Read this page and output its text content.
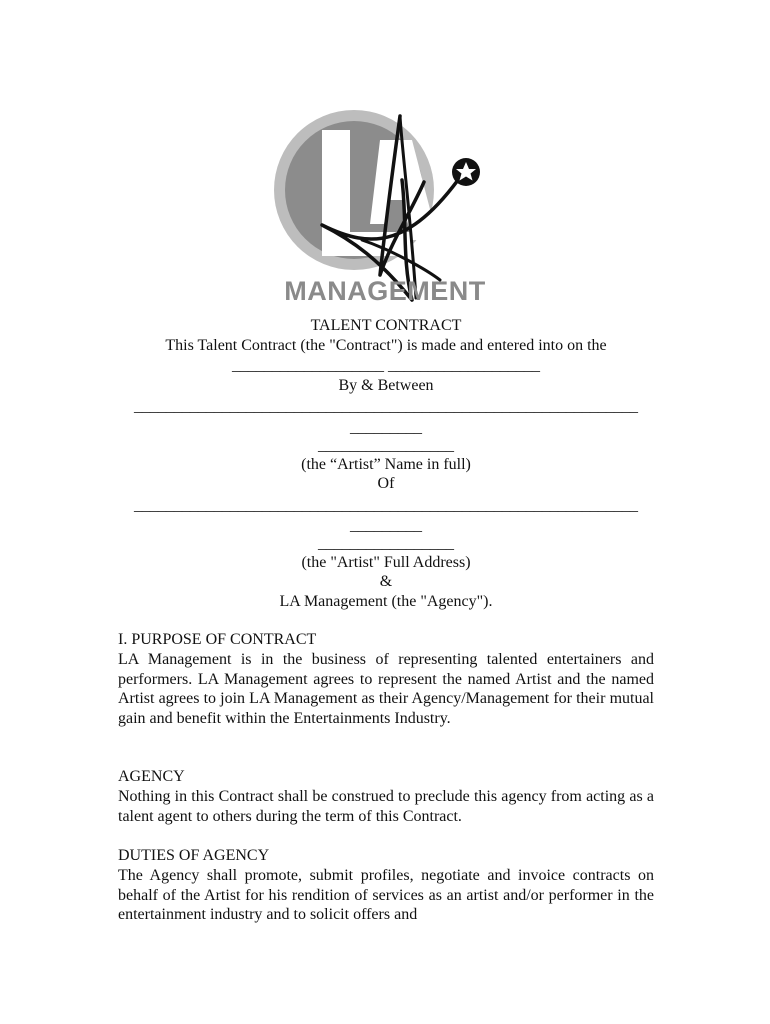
MANAGEMENT
TALENT CONTRACT
This Talent Contract (the "Contract") is made and entered into on the
___________________ ___________________
By & Between
_______________________________________________________________
_________
_________________
(the “Artist” Name in full)
Of
_______________________________________________________________
_________
_________________
(the "Artist" Full Address)
&
LA Management (the "Agency").
I. PURPOSE OF CONTRACT

LA Management is in the business of representing talented entertainers and performers. LA Management agrees to represent the named Artist and the named Artist agrees to join LA Management as their Agency/Management for their mutual gain and benefit within the Entertainments Industry.

AGENCY

Nothing in this Contract shall be construed to preclude this agency from acting as a talent agent to others during the term of this Contract.

DUTIES OF AGENCY

The Agency shall promote, submit profiles, negotiate and invoice contracts on behalf of the Artist for his rendition of services as an artist and/or performer in the entertainment industry and to solicit offers and
